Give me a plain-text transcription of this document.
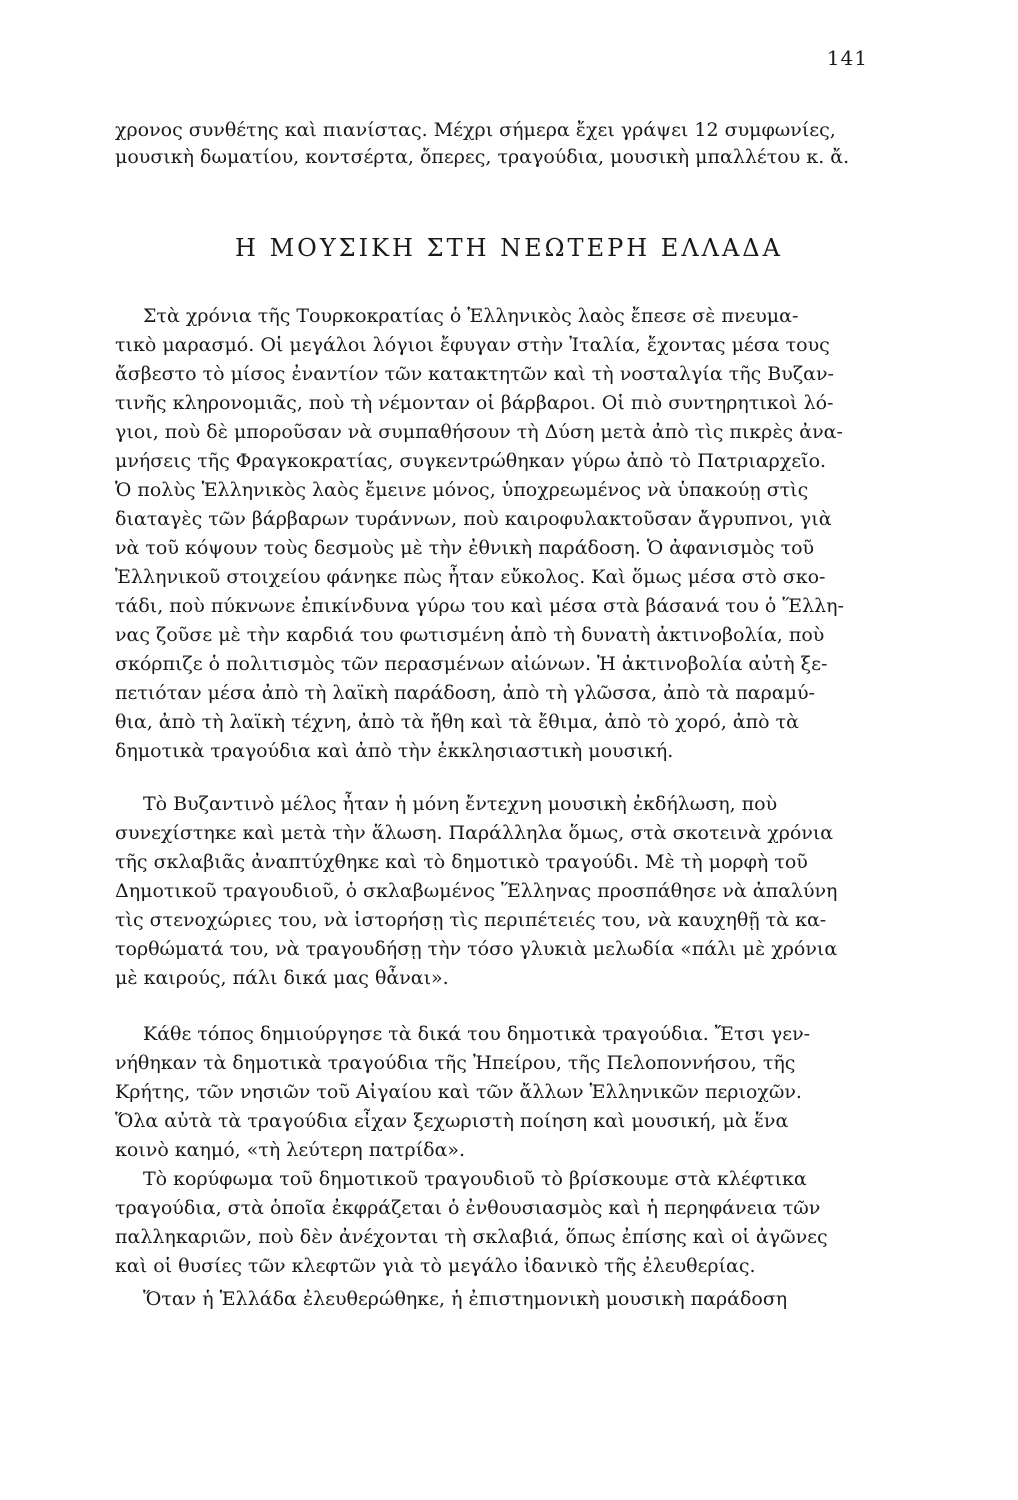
141
χρονος συνθέτης καὶ πιανίστας. Μέχρι σήμερα ἔχει γράψει 12 συμφωνίες,
μουσικὴ δωματίου, κοντσέρτα, ὄπερες, τραγούδια, μουσικὴ μπαλλέτου κ. ἄ.
Η ΜΟΥΣΙΚΗ ΣΤΗ ΝΕΩΤΕΡΗ ΕΛΛΑΔΑ
Στὰ χρόνια τῆς Τουρκοκρατίας ὁ Ἑλληνικὸς λαὸς ἔπεσε σὲ πνευμα-
τικὸ μαρασμό. Οἱ μεγάλοι λόγιοι ἔφυγαν στὴν Ἰταλία, ἔχοντας μέσα τους
ἄσβεστο τὸ μίσος ἐναντίον τῶν κατακτητῶν καὶ τὴ νοσταλγία τῆς Βυζαν-
τινῆς κληρονομιᾶς, ποὺ τὴ νέμονταν οἱ βάρβαροι. Οἱ πιὸ συντηρητικοὶ λό-
γιοι, ποὺ δὲ μποροῦσαν νὰ συμπαθήσουν τὴ Δύση μετὰ ἀπὸ τὶς πικρὲς ἀνα-
μνήσεις τῆς Φραγκοκρατίας, συγκεντρώθηκαν γύρω ἀπὸ τὸ Πατριαρχεῖο.
Ὁ πολὺς Ἑλληνικὸς λαὸς ἔμεινε μόνος, ὑποχρεωμένος νὰ ὑπακούῃ στὶς
διαταγὲς τῶν βάρβαρων τυράννων, ποὺ καιροφυλακτοῦσαν ἄγρυπνοι, γιὰ
νὰ τοῦ κόψουν τοὺς δεσμοὺς μὲ τὴν ἐθνικὴ παράδοση. Ὁ ἀφανισμὸς τοῦ
Ἑλληνικοῦ στοιχείου φάνηκε πὼς ἦταν εὔκολος. Καὶ ὅμως μέσα στὸ σκο-
τάδι, ποὺ πύκνωνε ἐπικίνδυνα γύρω του καὶ μέσα στὰ βάσανά του ὁ Ἕλλη-
νας ζοῦσε μὲ τὴν καρδιά του φωτισμένη ἀπὸ τὴ δυνατὴ ἀκτινοβολία, ποὺ
σκόρπιζε ὁ πολιτισμὸς τῶν περασμένων αἰώνων. Ἡ ἀκτινοβολία αὐτὴ ξε-
πετιόταν μέσα ἀπὸ τὴ λαϊκὴ παράδοση, ἀπὸ τὴ γλῶσσα, ἀπὸ τὰ παραμύ-
θια, ἀπὸ τὴ λαϊκὴ τέχνη, ἀπὸ τὰ ἤθη καὶ τὰ ἔθιμα, ἀπὸ τὸ χορό, ἀπὸ τὰ
δημοτικὰ τραγούδια καὶ ἀπὸ τὴν ἐκκλησιαστικὴ μουσική.
Τὸ Βυζαντινὸ μέλος ἦταν ἡ μόνη ἔντεχνη μουσικὴ ἐκδήλωση, ποὺ
συνεχίστηκε καὶ μετὰ τὴν ἅλωση. Παράλληλα ὅμως, στὰ σκοτεινὰ χρόνια
τῆς σκλαβιᾶς ἀναπτύχθηκε καὶ τὸ δημοτικὸ τραγούδι. Μὲ τὴ μορφὴ τοῦ
Δημοτικοῦ τραγουδιοῦ, ὁ σκλαβωμένος Ἕλληνας προσπάθησε νὰ ἀπαλύνη
τὶς στενοχώριες του, νὰ ἱστορήσῃ τὶς περιπέτειές του, νὰ καυχηθῇ τὰ κα-
τορθώματά του, νὰ τραγουδήσῃ τὴν τόσο γλυκιὰ μελωδία «πάλι μὲ χρόνια
μὲ καιρούς, πάλι δικά μας θἆναι».
Κάθε τόπος δημιούργησε τὰ δικά του δημοτικὰ τραγούδια. Ἔτσι γεν-
νήθηκαν τὰ δημοτικὰ τραγούδια τῆς Ἠπείρου, τῆς Πελοποννήσου, τῆς
Κρήτης, τῶν νησιῶν τοῦ Αἰγαίου καὶ τῶν ἄλλων Ἑλληνικῶν περιοχῶν.
Ὅλα αὐτὰ τὰ τραγούδια εἶχαν ξεχωριστὴ ποίηση καὶ μουσική, μὰ ἕνα
κοινὸ καημό, «τὴ λεύτερη πατρίδα».
Τὸ κορύφωμα τοῦ δημοτικοῦ τραγουδιοῦ τὸ βρίσκουμε στὰ κλέφτικα
τραγούδια, στὰ ὁποῖα ἐκφράζεται ὁ ἐνθουσιασμὸς καὶ ἡ περηφάνεια τῶν
παλληκαριῶν, ποὺ δὲν ἀνέχονται τὴ σκλαβιά, ὅπως ἐπίσης καὶ οἱ ἀγῶνες
καὶ οἱ θυσίες τῶν κλεφτῶν γιὰ τὸ μεγάλο ἰδανικὸ τῆς ἐλευθερίας.
Ὅταν ἡ Ἑλλάδα ἐλευθερώθηκε, ἡ ἐπιστημονικὴ μουσικὴ παράδοση
